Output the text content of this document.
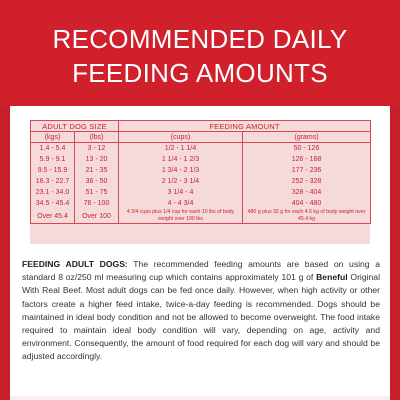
RECOMMENDED DAILY
FEEDING AMOUNTS
ADULT DOG SIZE		FEEDING AMOUNT	
(kgs)	(lbs)	(cups)	(grams)
1.4 - 5.4	3 - 12	1/2 - 1 1/4	50 - 126
5.9 - 9.1	13 - 20	1 1/4 - 1 2/3	126 - 168
9.5 - 15.9	21 - 35	1 3/4 - 2 1/3	177 - 236
16.3 - 22.7	36 - 50	2 1/2 - 3 1/4	252 - 328
23.1 - 34.0	51 - 75	3 1/4 - 4	328 - 404
34.5 - 45.4	76 - 100	4 - 4 3/4	404 - 480
Over 45.4	Over 100	4 3/4 cups plus 1/4 cup for each 10 lbs of body weight over 100 lbs	480 g plus 32 g for each 4.5 kg of body weight over 45.4 kg
FEEDING ADULT DOGS: The recommended feeding amounts are based on using a standard 8 oz/250 ml measuring cup which contains approximately 101 g of Beneful Original With Real Beef. Most adult dogs can be fed once daily. However, when high activity or other factors create a higher feed intake, twice-a-day feeding is recommended. Dogs should be maintained in ideal body condition and not be allowed to become overweight. The food intake required to maintain ideal body condition will vary, depending on age, activity and environment. Consequently, the amount of food required for each dog will vary and should be adjusted accordingly.
